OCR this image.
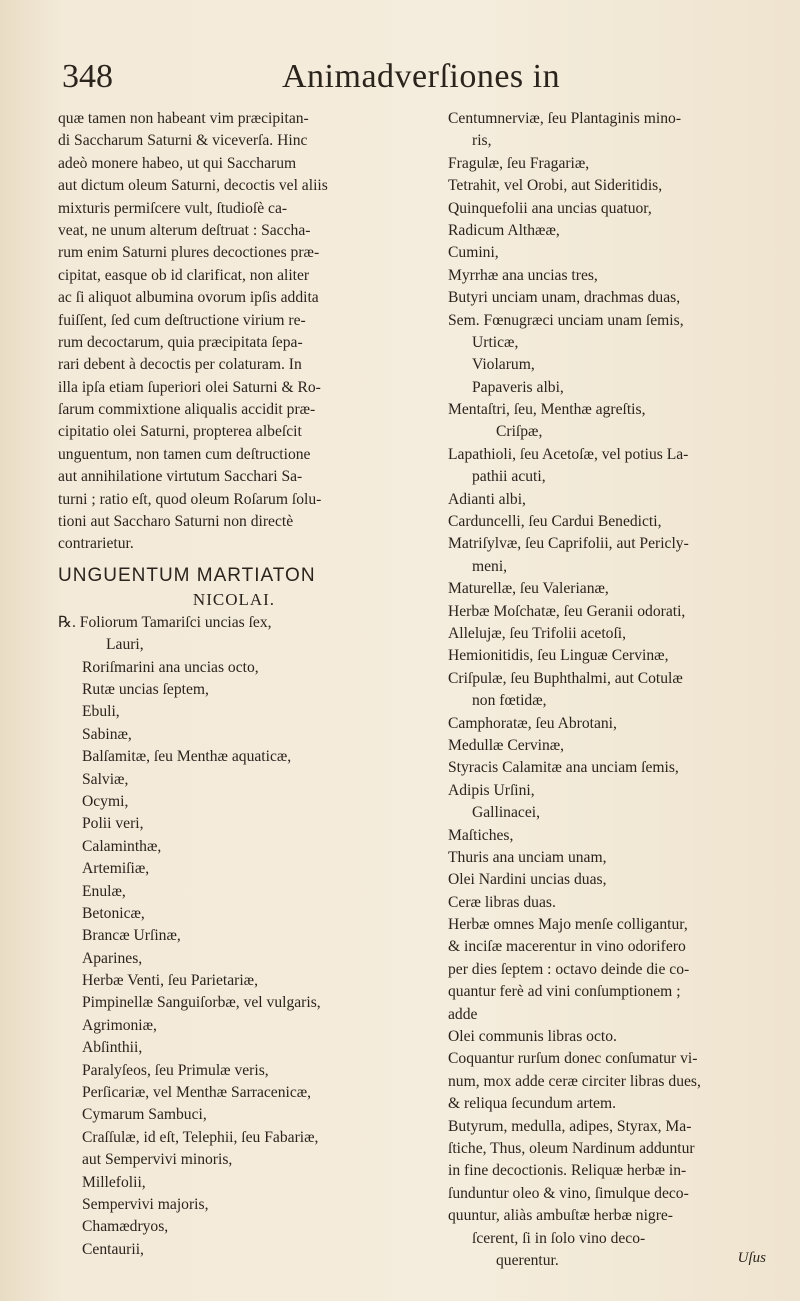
348	Animadverſiones in
quæ tamen non habeant vim præcipitan-
di Saccharum Saturni & viceverſa. Hinc
adeò monere habeo, ut qui Saccharum
aut dictum oleum Saturni, decoctis vel aliis
mixturis permiſcere vult, ſtudioſè ca-
veat, ne unum alterum deſtruat : Saccha-
rum enim Saturni plures decoctiones præ-
cipitat, easque ob id clarificat, non aliter
ac ſi aliquot albumina ovorum ipſis addita
fuiſſent, ſed cum deſtructione virium re-
rum decoctarum, quia præcipitata ſepa-
rari debent à decoctis per colaturam. In
illa ipſa etiam ſuperiori olei Saturni & Ro-
ſarum commixtione aliqualis accidit præ-
cipitatio olei Saturni, propterea albeſcit
unguentum, non tamen cum deſtructione
aut annihilatione virtutum Sacchari Sa-
turni ; ratio eſt, quod oleum Roſarum ſolu-
tioni aut Saccharo Saturni non directè
contrarietur.
UNGUENTUM MARTIATON
NICOLAI.
℞. Foliorum Tamariſci uncias ſex,
Lauri,
Roriſmarini ana uncias octo,
Rutæ uncias ſeptem,
Ebuli,
Sabinæ,
Balſamitæ, ſeu Menthæ aquaticæ,
Salviæ,
Ocymi,
Polii veri,
Calaminthæ,
Artemiſiæ,
Enulæ,
Betonicæ,
Brancæ Urſinæ,
Aparines,
Herbæ Venti, ſeu Parietariæ,
Pimpinellæ Sanguiſorbæ, vel vulgaris,
Agrimoniæ,
Abſinthii,
Paralyſeos, ſeu Primulæ veris,
Perſicariæ, vel Menthæ Sarracenicæ,
Cymarum Sambuci,
Craſſulæ, id eſt, Telephii, ſeu Fabariæ,
aut Sempervivi minoris,
Millefolii,
Sempervivi majoris,
Chamædryos,
Centaurii,
Centumnerviæ, ſeu Plantaginis mino-
ris,
Fragulæ, ſeu Fragariæ,
Tetrahit, vel Orobi, aut Sideritidis,
Quinquefolii ana uncias quatuor,
Radicum Althææ,
Cumini,
Myrrhæ ana uncias tres,
Butyri unciam unam, drachmas duas,
Sem. Fœnugræci unciam unam ſemis,
Urticæ,
Violarum,
Papaveris albi,
Mentaſtri, ſeu, Menthæ agreſtis,
Criſpæ,
Lapathioli, ſeu Acetoſæ, vel potius La-
pathii acuti,
Adianti albi,
Carduncelli, ſeu Cardui Benedicti,
Matriſylvæ, ſeu Caprifolii, aut Pericly-
meni,
Maturellæ, ſeu Valerianæ,
Herbæ Moſchatæ, ſeu Geranii odorati,
Allelujæ, ſeu Trifolii acetoſi,
Hemionitidis, ſeu Linguæ Cervinæ,
Criſpulæ, ſeu Buphthalmi, aut Cotulæ
non fœtidæ,
Camphoratæ, ſeu Abrotani,
Medullæ Cervinæ,
Styracis Calamitæ ana unciam ſemis,
Adipis Urſini,
Gallinacei,
Maſtiches,
Thuris ana unciam unam,
Olei Nardini uncias duas,
Ceræ libras duas.
Herbæ omnes Majo menſe colligantur,
& inciſæ macerentur in vino odorifero
per dies ſeptem : octavo deinde die co-
quantur ferè ad vini conſumptionem ;
adde
Olei communis libras octo.
Coquantur rurſum donec conſumatur vi-
num, mox adde ceræ circiter libras dues,
& reliqua ſecundum artem.
Butyrum, medulla, adipes, Styrax, Ma-
ſtiche, Thus, oleum Nardinum adduntur
in fine decoctionis. Reliquæ herbæ in-
ſunduntur oleo & vino, ſimulque deco-
quuntur, aliàs ambuſtæ herbæ nigre-
ſcerent, ſi in ſolo vino deco-
querentur.	Uſus
